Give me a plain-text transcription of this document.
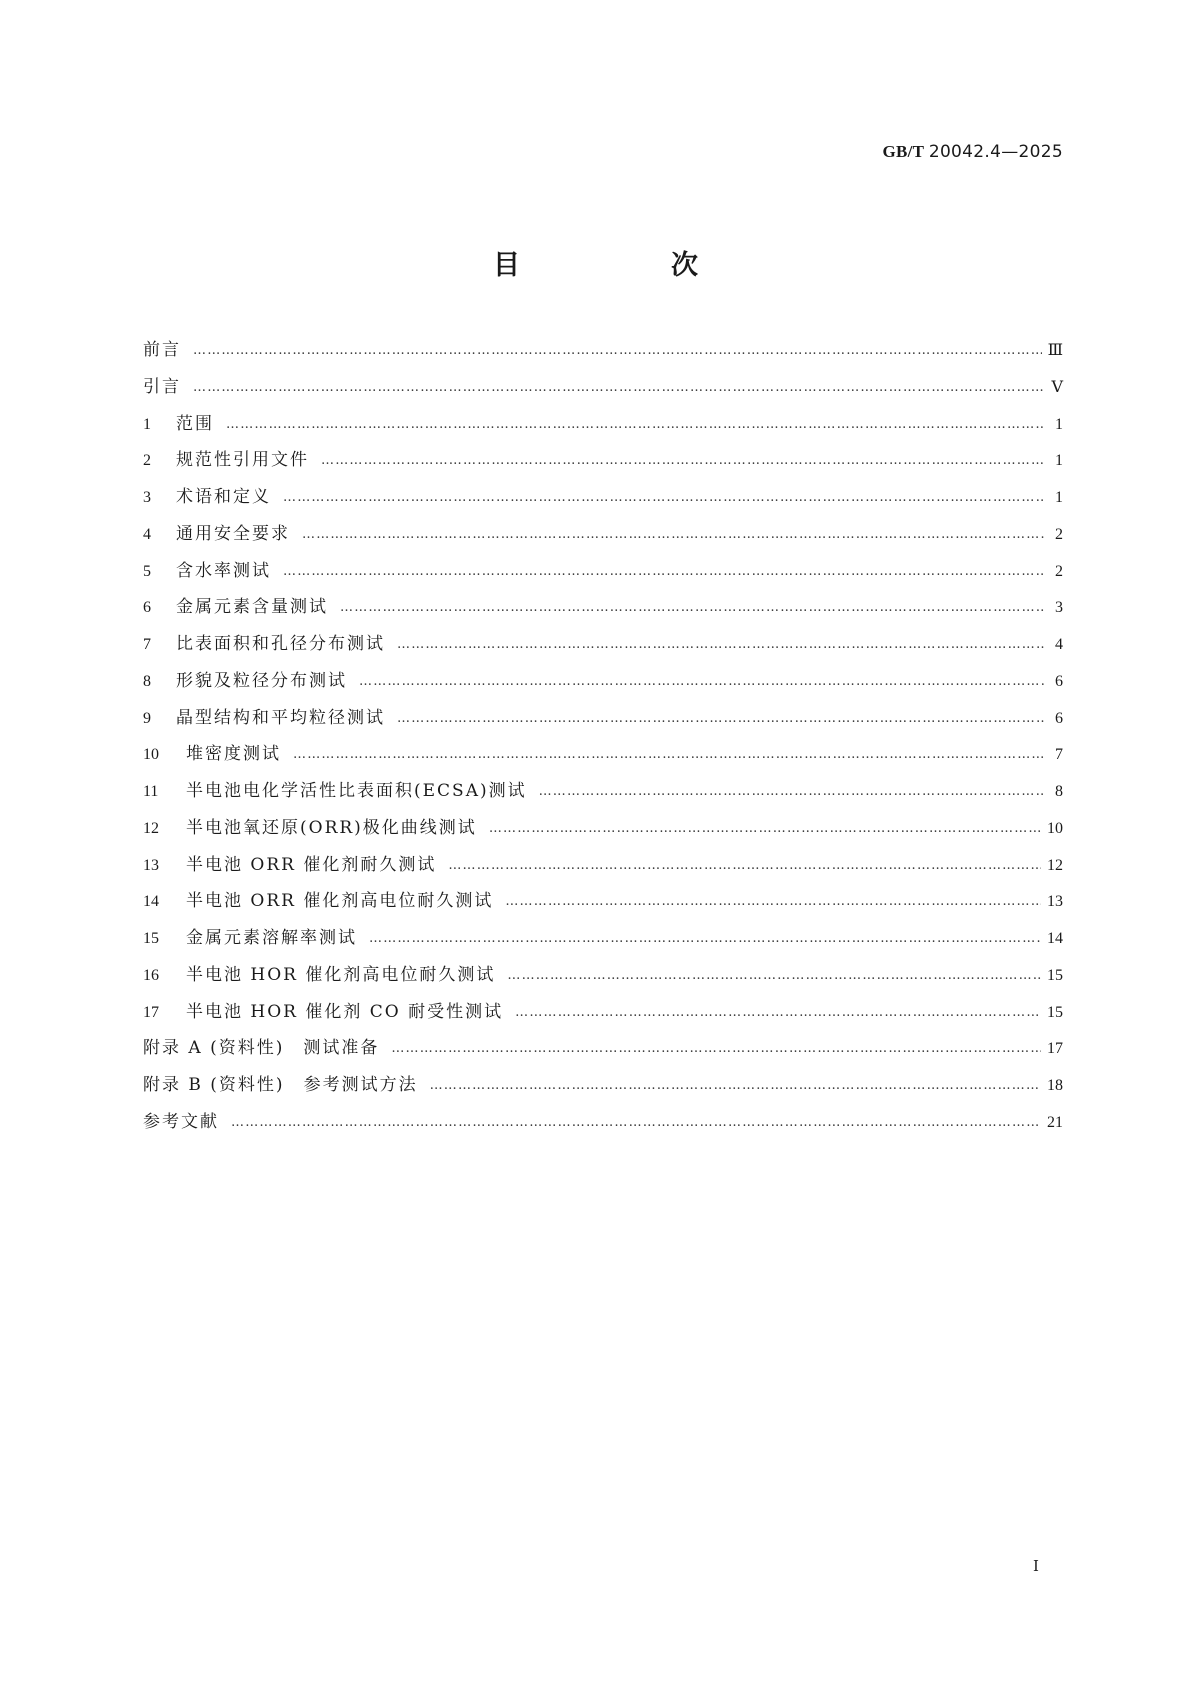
GB/T 20042.4—2025
目　次
前言 ………………………………………………………………………………………………………………………………………………………………………………………………	Ⅲ
引言 ………………………………………………………………………………………………………………………………………………………………………………………………	Ⅴ
1	范围 ………………………………………………………………………………………………………………………………………………………………………………………………	1
2	规范性引用文件 ………………………………………………………………………………………………………………………………………………………………………………………………	1
3	术语和定义 ………………………………………………………………………………………………………………………………………………………………………………………………	1
4	通用安全要求 ………………………………………………………………………………………………………………………………………………………………………………………………	2
5	含水率测试 ………………………………………………………………………………………………………………………………………………………………………………………………	2
6	金属元素含量测试 ………………………………………………………………………………………………………………………………………………………………………………………………	3
7	比表面积和孔径分布测试 ………………………………………………………………………………………………………………………………………………………………………………………………	4
8	形貌及粒径分布测试 ………………………………………………………………………………………………………………………………………………………………………………………………	6
9	晶型结构和平均粒径测试 ………………………………………………………………………………………………………………………………………………………………………………………………	6
10	堆密度测试 ………………………………………………………………………………………………………………………………………………………………………………………………	7
11	半电池电化学活性比表面积(ECSA)测试 ………………………………………………………………………………………………………………………………………………………………………………………………	8
12	半电池氧还原(ORR)极化曲线测试 ………………………………………………………………………………………………………………………………………………………………………………………………	10
13	半电池 ORR 催化剂耐久测试 ………………………………………………………………………………………………………………………………………………………………………………………………	12
14	半电池 ORR 催化剂高电位耐久测试 ………………………………………………………………………………………………………………………………………………………………………………………………	13
15	金属元素溶解率测试 ………………………………………………………………………………………………………………………………………………………………………………………………	14
16	半电池 HOR 催化剂高电位耐久测试 ………………………………………………………………………………………………………………………………………………………………………………………………	15
17	半电池 HOR 催化剂 CO 耐受性测试 ………………………………………………………………………………………………………………………………………………………………………………………………	15
附录 A (资料性)　测试准备 ………………………………………………………………………………………………………………………………………………………………………………………………	17
附录 B (资料性)　参考测试方法 ………………………………………………………………………………………………………………………………………………………………………………………………	18
参考文献 ………………………………………………………………………………………………………………………………………………………………………………………………	21
Ⅰ
